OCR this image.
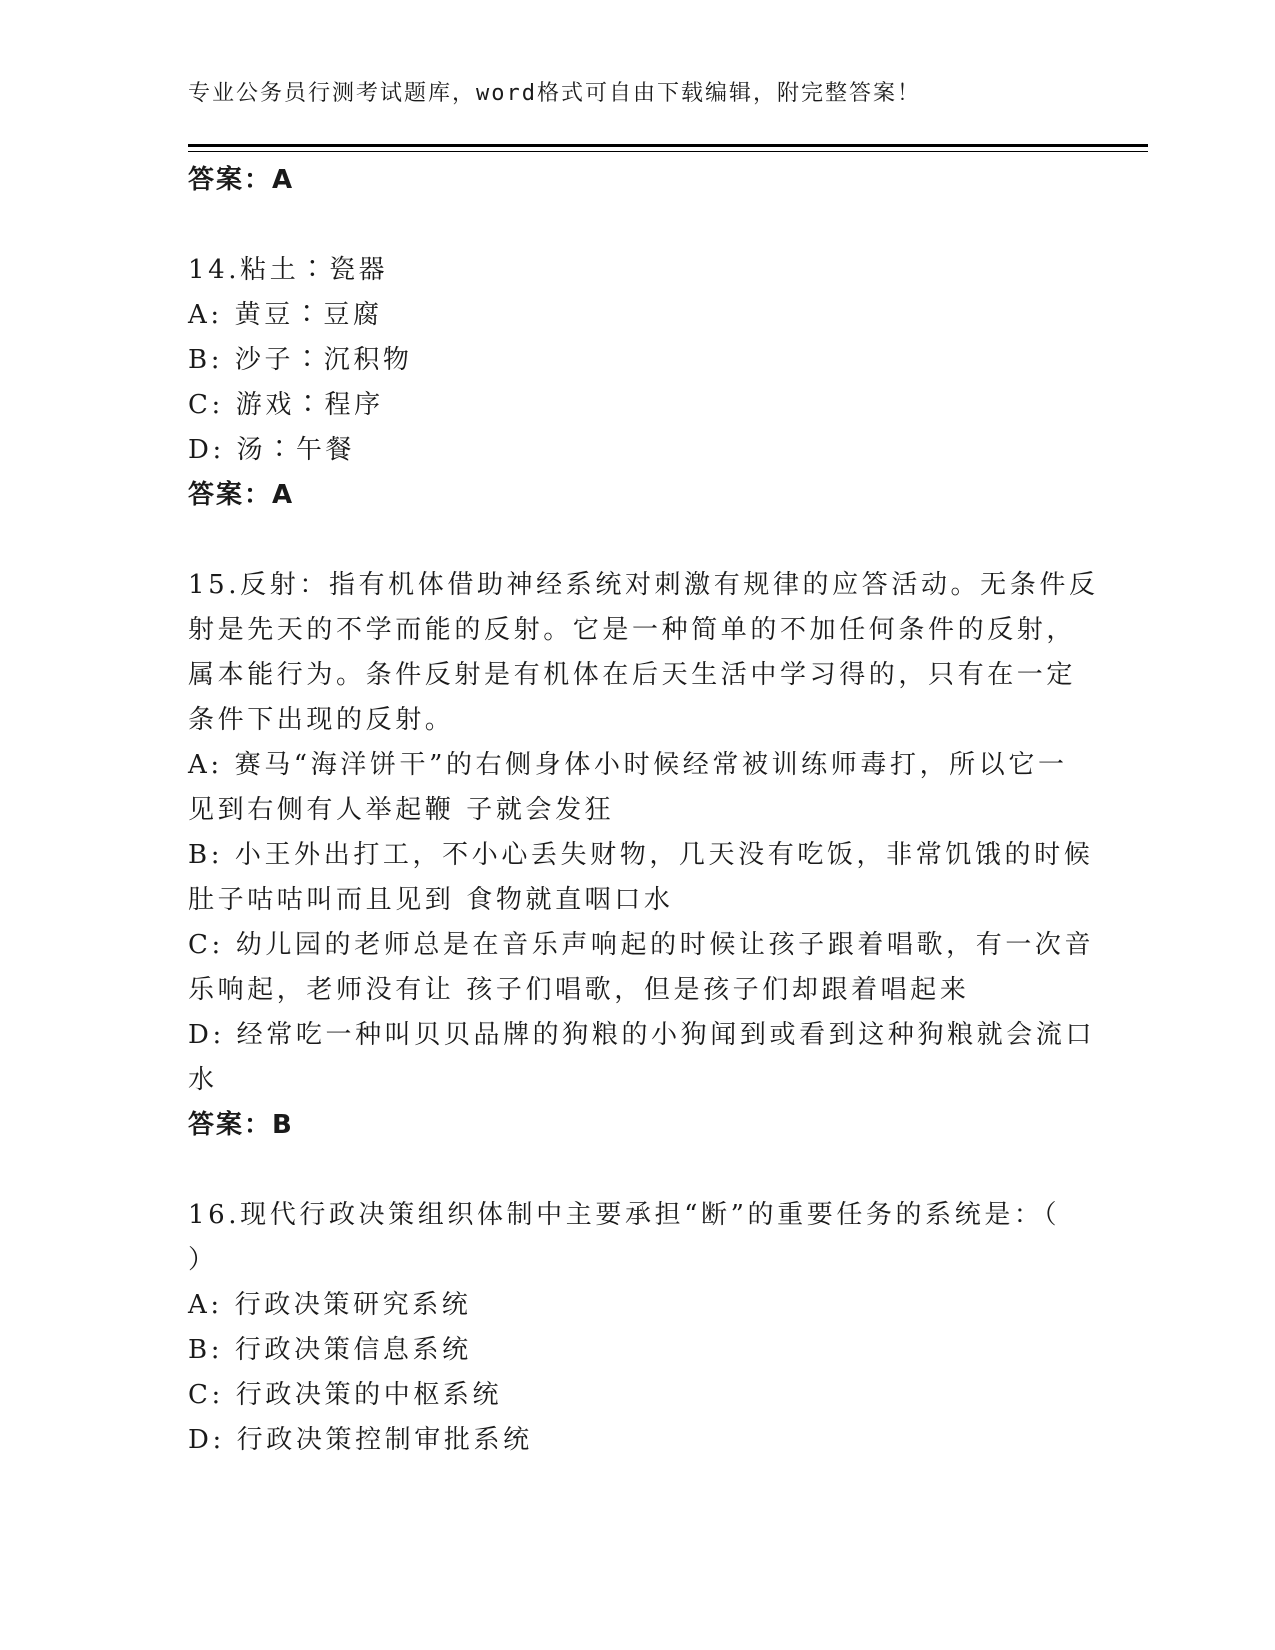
专业公务员行测考试题库，word格式可自由下载编辑，附完整答案！
答案：A
14.粘土∶瓷器
A: 黄豆∶豆腐
B: 沙子∶沉积物
C: 游戏∶程序
D: 汤∶午餐
答案：A
15.反射：指有机体借助神经系统对刺激有规律的应答活动。无条件反
射是先天的不学而能的反射。它是一种简单的不加任何条件的反射，
属本能行为。条件反射是有机体在后天生活中学习得的，只有在一定
条件下出现的反射。
A: 赛马“海洋饼干”的右侧身体小时候经常被训练师毒打，所以它一
见到右侧有人举起鞭 子就会发狂
B: 小王外出打工，不小心丢失财物，几天没有吃饭，非常饥饿的时候
肚子咕咕叫而且见到 食物就直咽口水
C: 幼儿园的老师总是在音乐声响起的时候让孩子跟着唱歌，有一次音
乐响起，老师没有让 孩子们唱歌，但是孩子们却跟着唱起来
D: 经常吃一种叫贝贝品牌的狗粮的小狗闻到或看到这种狗粮就会流口
水
答案：B
16.现代行政决策组织体制中主要承担“断”的重要任务的系统是：（
）
A: 行政决策研究系统
B: 行政决策信息系统
C: 行政决策的中枢系统
D: 行政决策控制审批系统
